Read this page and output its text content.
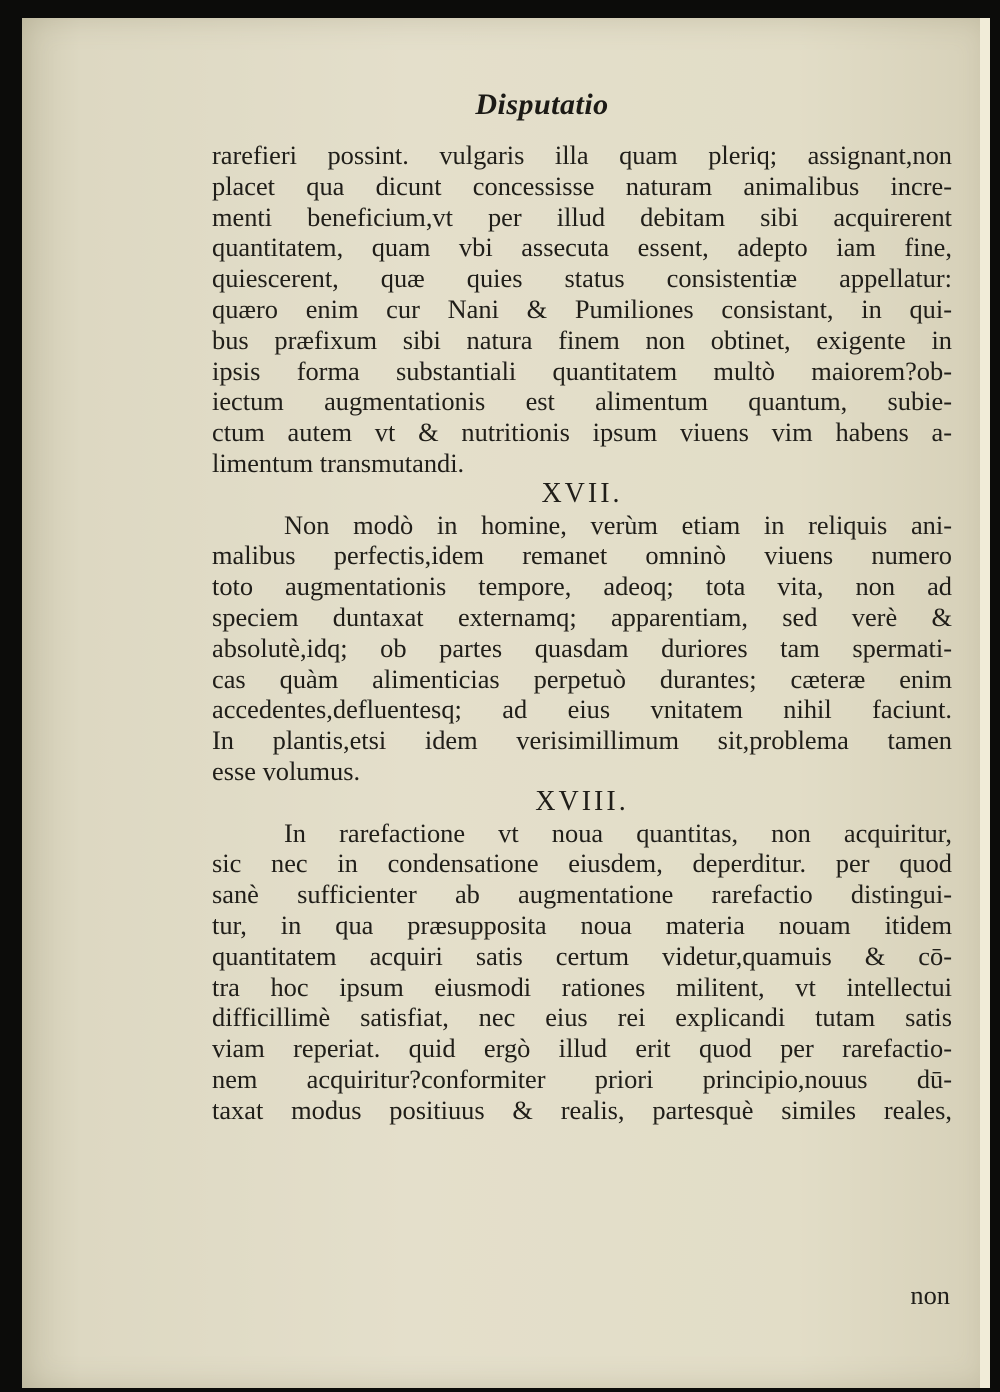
Disputatio
rarefieri possint. vulgaris illa quam pleriq; assignant,non
placet qua dicunt concessisse naturam animalibus incre-
menti beneficium,vt per illud debitam sibi acquirerent
quantitatem, quam vbi assecuta essent, adepto iam fine,
quiescerent, quæ quies status consistentiæ appellatur:
quæro enim cur Nani & Pumiliones consistant, in qui-
bus præfixum sibi natura finem non obtinet, exigente in
ipsis forma substantiali quantitatem multò maiorem?ob-
iectum augmentationis est alimentum quantum, subie-
ctum autem vt & nutritionis ipsum viuens vim habens a-
limentum transmutandi.
XVII.
Non modò in homine, verùm etiam in reliquis ani-
malibus perfectis,idem remanet omninò viuens numero
toto augmentationis tempore, adeoq; tota vita, non ad
speciem duntaxat externamq; apparentiam, sed verè &
absolutè,idq; ob partes quasdam duriores tam spermati-
cas quàm alimenticias perpetuò durantes; cæteræ enim
accedentes,defluentesq; ad eius vnitatem nihil faciunt.
In plantis,etsi idem verisimillimum sit,problema tamen
esse volumus.
XVIII.
In rarefactione vt noua quantitas, non acquiritur,
sic nec in condensatione eiusdem, deperditur. per quod
sanè sufficienter ab augmentatione rarefactio distingui-
tur, in qua præsupposita noua materia nouam itidem
quantitatem acquiri satis certum videtur,quamuis & cō-
tra hoc ipsum eiusmodi rationes militent, vt intellectui
difficillimè satisfiat, nec eius rei explicandi tutam satis
viam reperiat. quid ergò illud erit quod per rarefactio-
nem acquiritur?conformiter priori principio,nouus dū-
taxat modus positiuus & realis, partesquè similes reales,
non
